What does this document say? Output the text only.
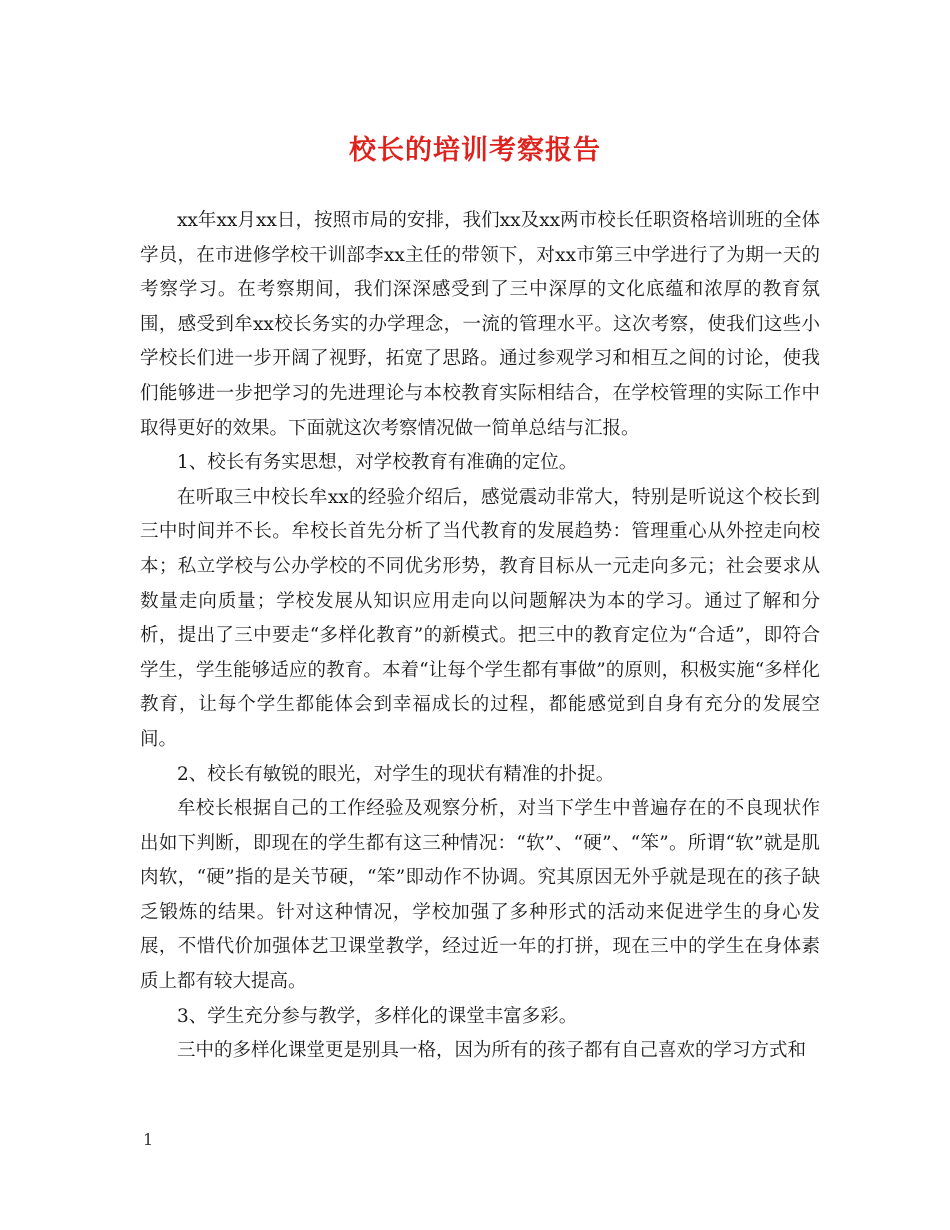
校长的培训考察报告

xx年xx月xx日，按照市局的安排，我们xx及xx两市校长任职资格培训班的全体学员，在市进修学校干训部李xx主任的带领下，对xx市第三中学进行了为期一天的考察学习。在考察期间，我们深深感受到了三中深厚的文化底蕴和浓厚的教育氛围，感受到牟xx校长务实的办学理念，一流的管理水平。这次考察，使我们这些小学校长们进一步开阔了视野，拓宽了思路。通过参观学习和相互之间的讨论，使我们能够进一步把学习的先进理论与本校教育实际相结合，在学校管理的实际工作中取得更好的效果。下面就这次考察情况做一简单总结与汇报。

1、校长有务实思想，对学校教育有准确的定位。

在听取三中校长牟xx的经验介绍后，感觉震动非常大，特别是听说这个校长到三中时间并不长。牟校长首先分析了当代教育的发展趋势：管理重心从外控走向校本；私立学校与公办学校的不同优劣形势，教育目标从一元走向多元；社会要求从数量走向质量；学校发展从知识应用走向以问题解决为本的学习。通过了解和分析，提出了三中要走“多样化教育”的新模式。把三中的教育定位为“合适”，即符合学生，学生能够适应的教育。本着“让每个学生都有事做”的原则，积极实施“多样化教育，让每个学生都能体会到幸福成长的过程，都能感觉到自身有充分的发展空间。

2、校长有敏锐的眼光，对学生的现状有精准的扑捉。

牟校长根据自己的工作经验及观察分析，对当下学生中普遍存在的不良现状作出如下判断，即现在的学生都有这三种情况：“软”、“硬”、“笨”。所谓“软”就是肌肉软，“硬”指的是关节硬，“笨”即动作不协调。究其原因无外乎就是现在的孩子缺乏锻炼的结果。针对这种情况，学校加强了多种形式的活动来促进学生的身心发展，不惜代价加强体艺卫课堂教学，经过近一年的打拼，现在三中的学生在身体素质上都有较大提高。

3、学生充分参与教学，多样化的课堂丰富多彩。

三中的多样化课堂更是别具一格，因为所有的孩子都有自己喜欢的学习方式和

1
